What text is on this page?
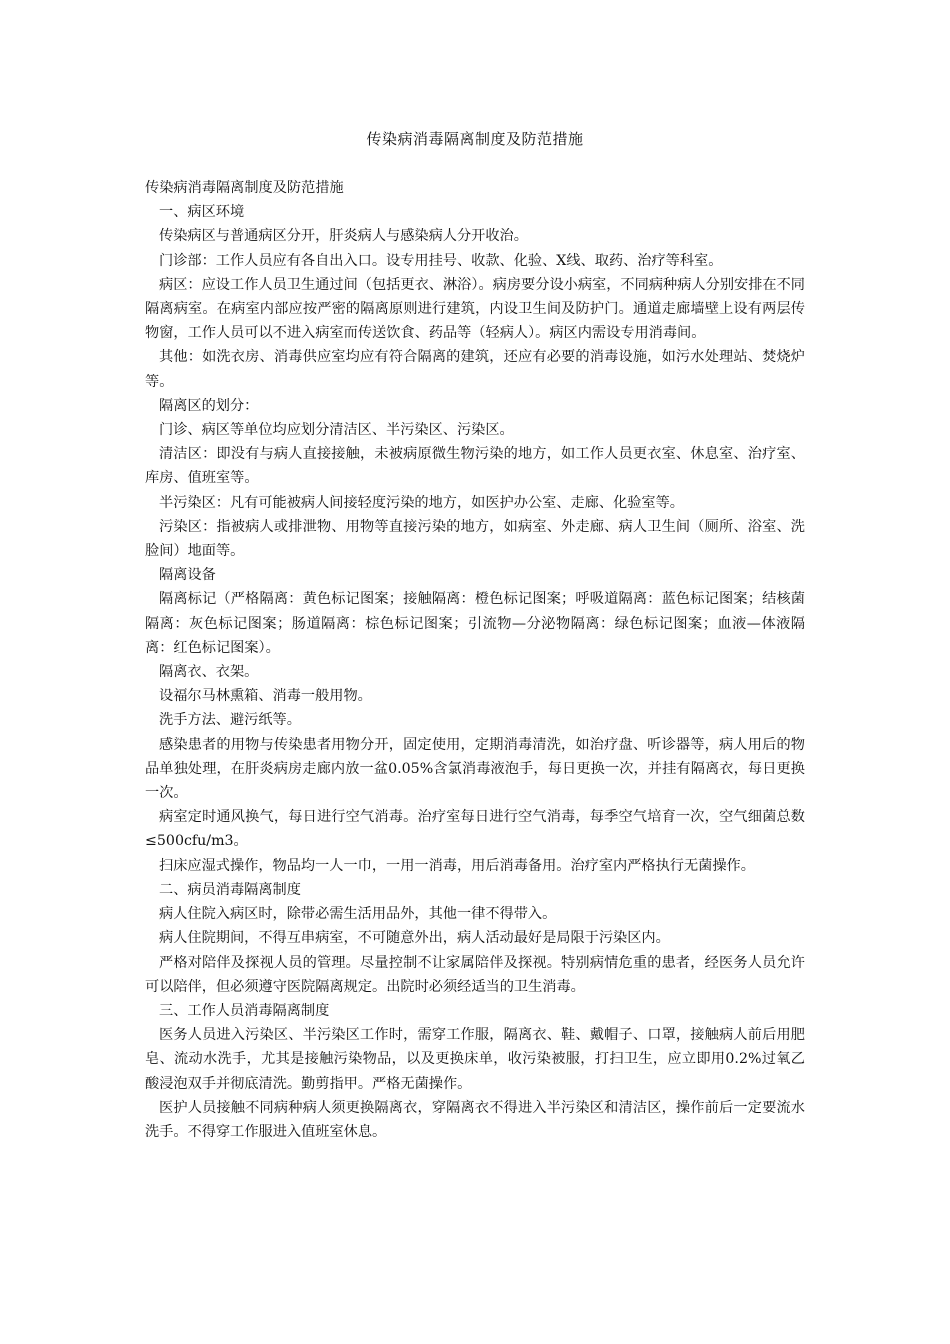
传染病消毒隔离制度及防范措施

传染病消毒隔离制度及防范措施

一、病区环境

传染病区与普通病区分开，肝炎病人与感染病人分开收治。

门诊部：工作人员应有各自出入口。设专用挂号、收款、化验、X线、取药、治疗等科室。

病区：应设工作人员卫生通过间（包括更衣、淋浴）。病房要分设小病室，不同病种病人分别安排在不同隔离病室。在病室内部应按严密的隔离原则进行建筑，内设卫生间及防护门。通道走廊墙壁上设有两层传物窗，工作人员可以不进入病室而传送饮食、药品等（轻病人）。病区内需设专用消毒间。

其他：如洗衣房、消毒供应室均应有符合隔离的建筑，还应有必要的消毒设施，如污水处理站、焚烧炉等。

隔离区的划分：

门诊、病区等单位均应划分清洁区、半污染区、污染区。

清洁区：即没有与病人直接接触，未被病原微生物污染的地方，如工作人员更衣室、休息室、治疗室、库房、值班室等。

半污染区：凡有可能被病人间接轻度污染的地方，如医护办公室、走廊、化验室等。

污染区：指被病人或排泄物、用物等直接污染的地方，如病室、外走廊、病人卫生间（厕所、浴室、洗脸间）地面等。

隔离设备

隔离标记（严格隔离：黄色标记图案；接触隔离：橙色标记图案；呼吸道隔离：蓝色标记图案；结核菌隔离：灰色标记图案；肠道隔离：棕色标记图案；引流物—分泌物隔离：绿色标记图案；血液—体液隔离：红色标记图案）。

隔离衣、衣架。

设福尔马林熏箱、消毒一般用物。

洗手方法、避污纸等。

感染患者的用物与传染患者用物分开，固定使用，定期消毒清洗，如治疗盘、听诊器等，病人用后的物品单独处理，在肝炎病房走廊内放一盆0.05%含氯消毒液泡手，每日更换一次，并挂有隔离衣，每日更换一次。

病室定时通风换气，每日进行空气消毒。治疗室每日进行空气消毒，每季空气培育一次，空气细菌总数≤500cfu/m3。

扫床应湿式操作，物品均一人一巾，一用一消毒，用后消毒备用。治疗室内严格执行无菌操作。

二、病员消毒隔离制度

病人住院入病区时，除带必需生活用品外，其他一律不得带入。

病人住院期间，不得互串病室，不可随意外出，病人活动最好是局限于污染区内。

严格对陪伴及探视人员的管理。尽量控制不让家属陪伴及探视。特别病情危重的患者，经医务人员允许可以陪伴，但必须遵守医院隔离规定。出院时必须经适当的卫生消毒。

三、工作人员消毒隔离制度

医务人员进入污染区、半污染区工作时，需穿工作服，隔离衣、鞋、戴帽子、口罩，接触病人前后用肥皂、流动水洗手，尤其是接触污染物品，以及更换床单，收污染被服，打扫卫生，应立即用0.2%过氧乙酸浸泡双手并彻底清洗。勤剪指甲。严格无菌操作。

医护人员接触不同病种病人须更换隔离衣，穿隔离衣不得进入半污染区和清洁区，操作前后一定要流水洗手。不得穿工作服进入值班室休息。
